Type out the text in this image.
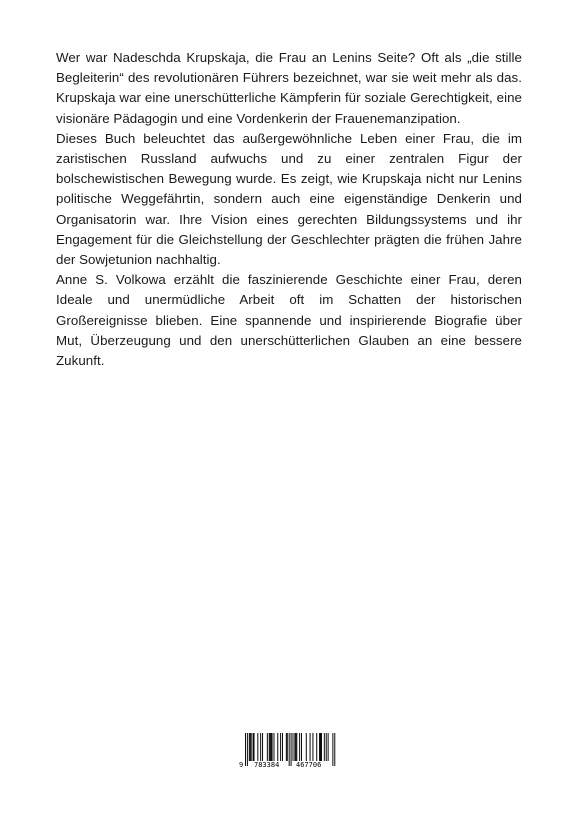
Wer war Nadeschda Krupskaja, die Frau an Lenins Seite? Oft als „die stille Begleiterin“ des revolutionären Führers bezeichnet, war sie weit mehr als das. Krupskaja war eine unerschütterliche Kämpferin für soziale Gerechtigkeit, eine visionäre Pädagogin und eine Vordenkerin der Frauenemanzipation.

Dieses Buch beleuchtet das außergewöhnliche Leben einer Frau, die im zaristischen Russland aufwuchs und zu einer zentralen Figur der bolschewistischen Bewegung wurde. Es zeigt, wie Krupskaja nicht nur Lenins politische Weggefährtin, sondern auch eine eigenständige Denkerin und Organisatorin war. Ihre Vision eines gerechten Bildungssystems und ihr Engagement für die Gleichstellung der Geschlechter prägten die frühen Jahre der Sowjetunion nachhaltig.

Anne S. Volkowa erzählt die faszinierende Geschichte einer Frau, deren Ideale und unermüdliche Arbeit oft im Schatten der historischen Großereignisse blieben. Eine spannende und inspirierende Biografie über Mut, Überzeugung und den unerschütterlichen Glauben an eine bessere Zukunft.

9 783384 467706
